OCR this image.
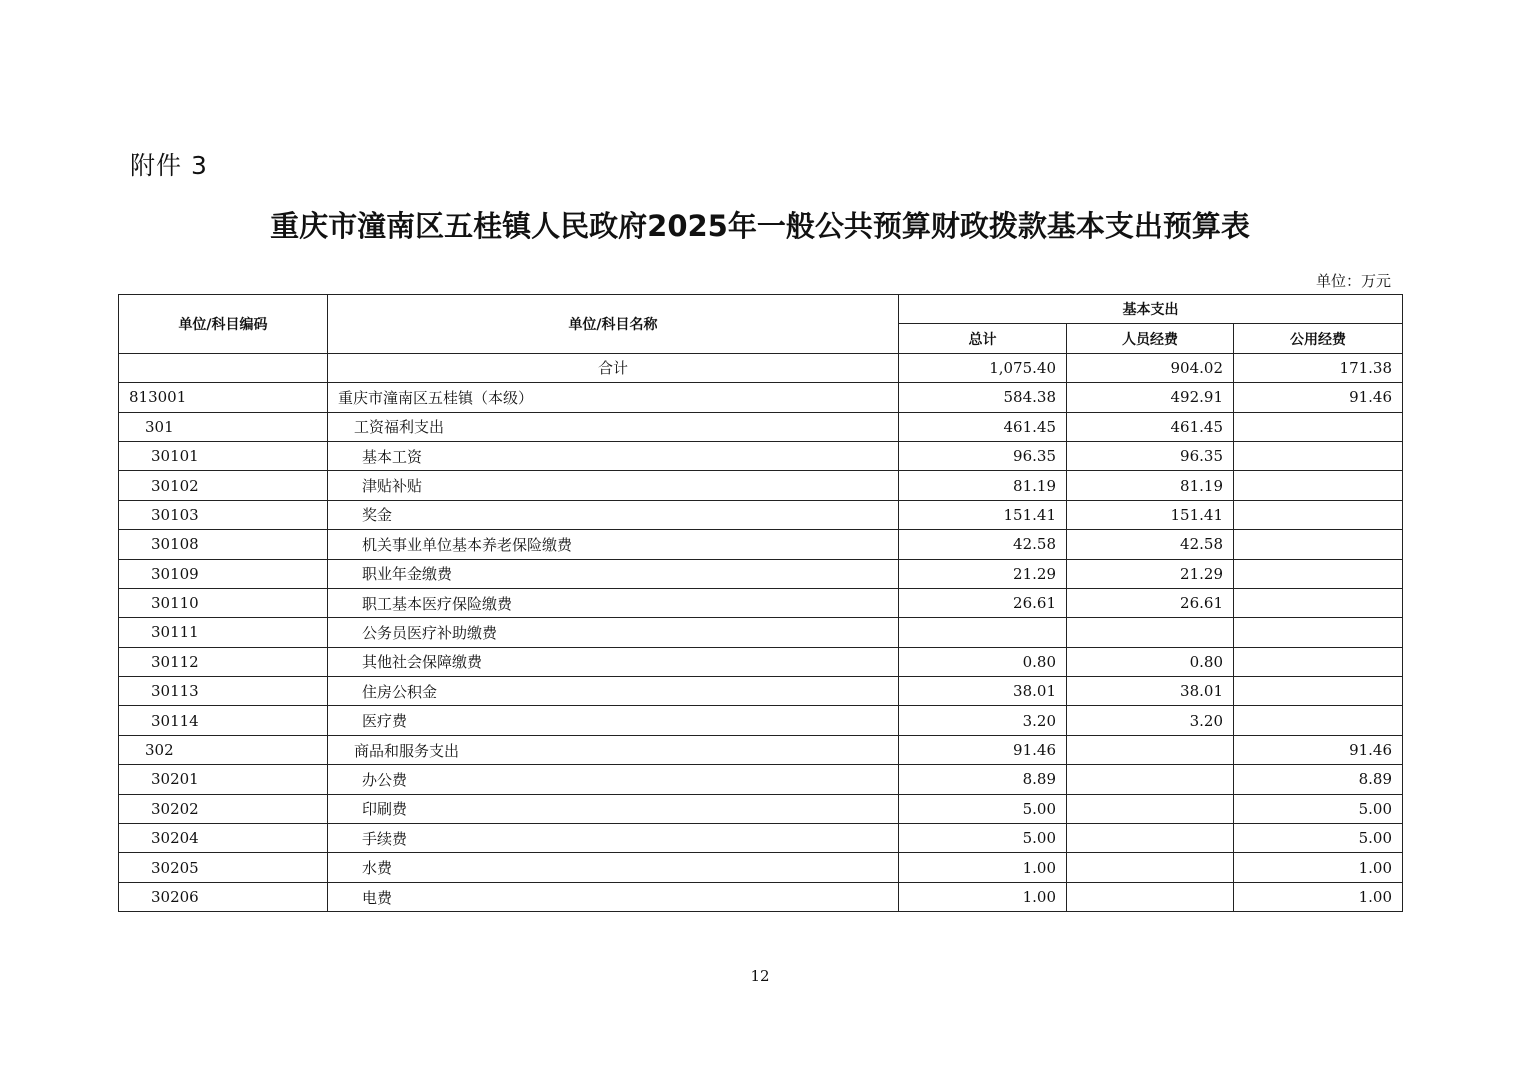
附件 3
重庆市潼南区五桂镇人民政府2025年一般公共预算财政拨款基本支出预算表
单位：万元
单位/科目编码	单位/科目名称	基本支出		
		总计	人员经费	公用经费
	合计	1,075.40	904.02	171.38
813001	重庆市潼南区五桂镇（本级）	584.38	492.91	91.46
301	工资福利支出	461.45	461.45	
30101	基本工资	96.35	96.35	
30102	津贴补贴	81.19	81.19	
30103	奖金	151.41	151.41	
30108	机关事业单位基本养老保险缴费	42.58	42.58	
30109	职业年金缴费	21.29	21.29	
30110	职工基本医疗保险缴费	26.61	26.61	
30111	公务员医疗补助缴费			
30112	其他社会保障缴费	0.80	0.80	
30113	住房公积金	38.01	38.01	
30114	医疗费	3.20	3.20	
302	商品和服务支出	91.46		91.46
30201	办公费	8.89		8.89
30202	印刷费	5.00		5.00
30204	手续费	5.00		5.00
30205	水费	1.00		1.00
30206	电费	1.00		1.00
12
